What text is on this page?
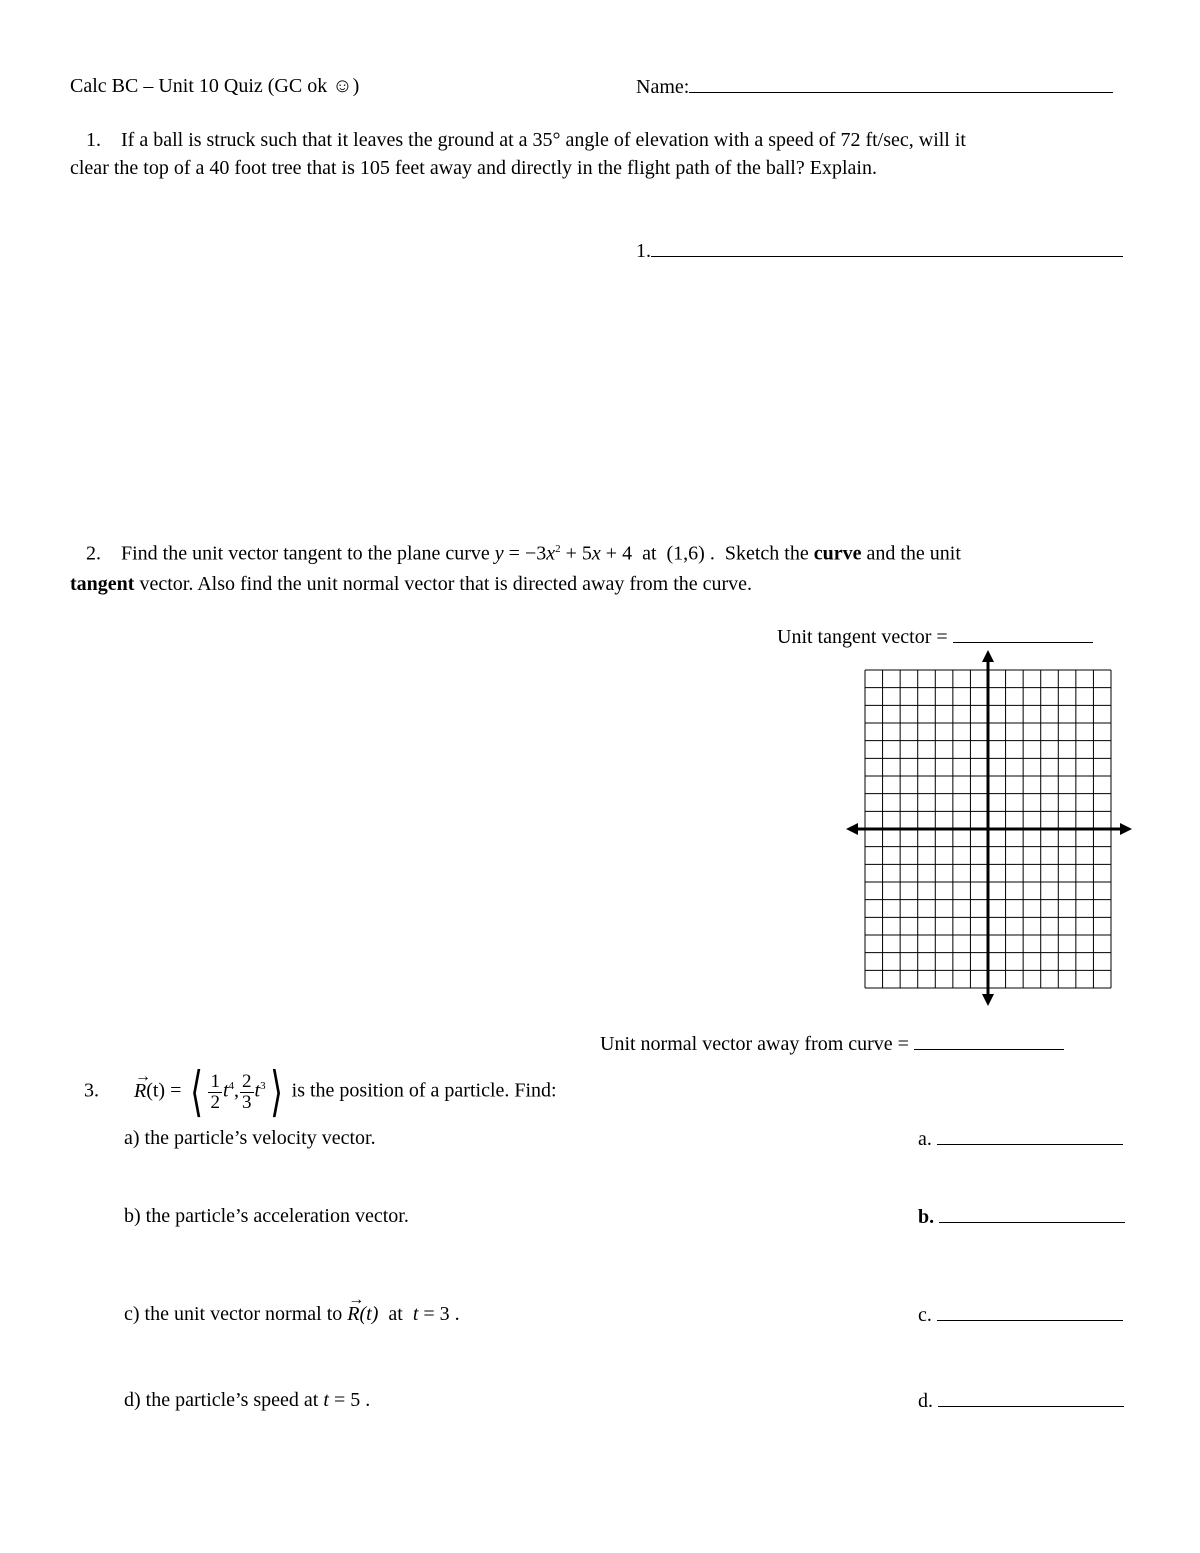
Calc BC – Unit 10 Quiz (GC ok ☺)	Name:
1. If a ball is struck such that it leaves the ground at a 35° angle of elevation with a speed of 72 ft/sec, will it
clear the top of a 40 foot tree that is 105 feet away and directly in the flight path of the ball? Explain.
1.
2. Find the unit vector tangent to the plane curve $y = -3x^2 + 5x + 4$  at  (1,6) .  Sketch the curve and the unit
tangent vector. Also find the unit normal vector that is directed away from the curve.
Unit tangent vector =
Unit normal vector away from curve =
3.
→
R(t) = ⟨ $\frac{1}{2} t^4$, $\frac{2}{3}$ $t^3⟩$ is the position of a particle. Find:
a) the particle’s velocity vector.	a.
b) the particle’s acceleration vector.	b.
c) the unit vector normal to
→
R(t)  at  t = 3 .	c.
d) the particle’s speed at t = 5 .	d.
